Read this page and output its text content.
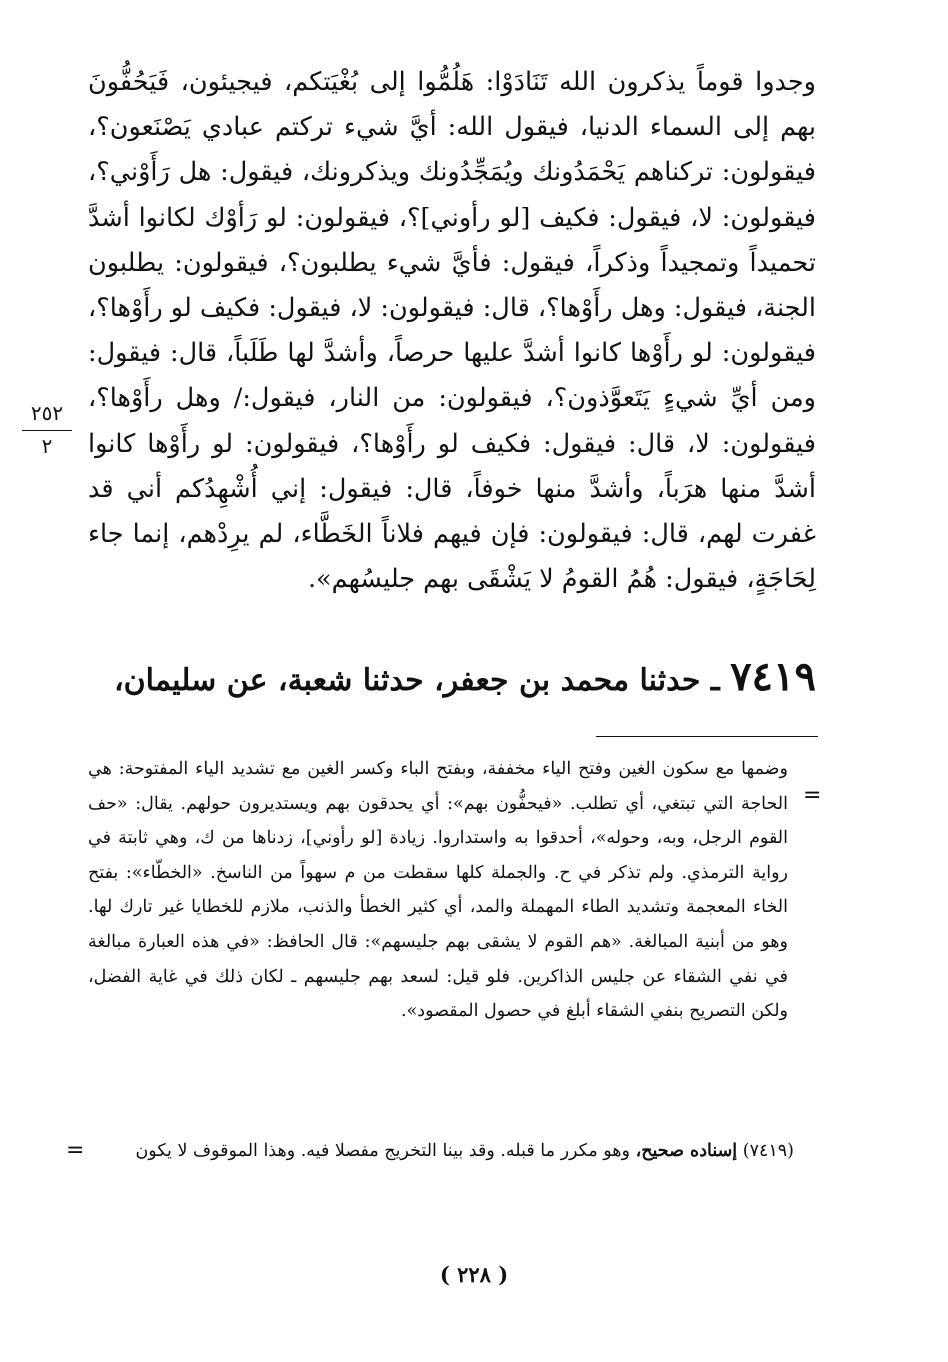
وجدوا قوماً يذكرون الله تَنَادَوْا: هَلُمُّوا إلى بُغْيَتكم، فيجيئون، فَيَحُفُّونَ بهم إلى السماء الدنيا، فيقول الله: أيَّ شيء تركتم عبادي يَصْنَعون؟، فيقولون: تركناهم يَحْمَدُونك ويُمَجِّدُونك ويذكرونك، فيقول: هل رَأَوْني؟، فيقولون: لا، فيقول: فكيف [لو رأوني]؟، فيقولون: لو رَأوْك لكانوا أشدَّ تحميداً وتمجيداً وذكراً، فيقول: فأيَّ شيء يطلبون؟، فيقولون: يطلبون الجنة، فيقول: وهل رأَوْها؟، قال: فيقولون: لا، فيقول: فكيف لو رأَوْها؟، فيقولون: لو رأَوْها كانوا أشدَّ عليها حرصاً، وأشدَّ لها طَلَباً، قال: فيقول: ومن أيِّ شيءٍ يَتَعوَّذون؟، فيقولون: من النار، فيقول:/ وهل رأَوْها؟، فيقولون: لا، قال: فيقول: فكيف لو رأَوْها؟، فيقولون: لو رأَوْها كانوا أشدَّ منها هرَباً، وأشدَّ منها خوفاً، قال: فيقول: إني أُشْهِدُكم أني قد غفرت لهم، قال: فيقولون: فإن فيهم فلاناً الخَطَّاء، لم يرِدْهم، إنما جاء لِحَاجَةٍ، فيقول: هُمُ القومُ لا يَشْقَى بهم جليسُهم».

٧٤١٩ ـ حدثنا محمد بن جعفر، حدثنا شعبة، عن سليمان،
٢٥٢
٢
=
وضمها مع سكون الغين وفتح الياء مخففة، وبفتح الباء وكسر الغين مع تشديد الياء المفتوحة: هي الحاجة التي تبتغي، أي تطلب. «فيحفُّون بهم»: أي يحدقون بهم ويستديرون حولهم. يقال: «حف القوم الرجل، وبه، وحوله»، أحدقوا به واستداروا. زيادة [لو رأوني]، زدناها من ك، وهي ثابتة في رواية الترمذي. ولم تذكر في ح. والجملة كلها سقطت من م سهواً من الناسخ. «الخطّاء»: بفتح الخاء المعجمة وتشديد الطاء المهملة والمد، أي كثير الخطأ والذنب، ملازم للخطايا غير تارك لها. وهو من أبنية المبالغة. «هم القوم لا يشقى بهم جليسهم»: قال الحافظ: «في هذه العبارة مبالغة في نفي الشقاء عن جليس الذاكرين. فلو قيل: لسعد بهم جليسهم ـ لكان ذلك في غاية الفضل، ولكن التصريح بنفي الشقاء أبلغ في حصول المقصود».
(٧٤١٩) إسناده صحيح، وهو مكرر ما قبله. وقد بينا التخريج مفصلا فيه. وهذا الموقوف لا يكون
=
( ٢٢٨ )
